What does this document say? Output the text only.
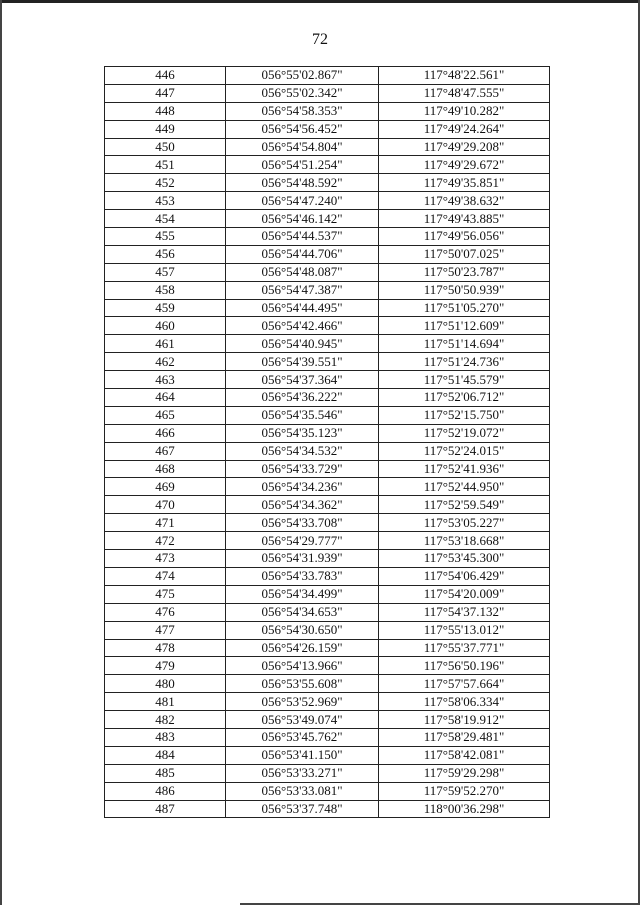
72
446	056°55'02.867"	117°48'22.561"
447	056°55'02.342"	117°48'47.555"
448	056°54'58.353"	117°49'10.282"
449	056°54'56.452"	117°49'24.264"
450	056°54'54.804"	117°49'29.208"
451	056°54'51.254"	117°49'29.672"
452	056°54'48.592"	117°49'35.851"
453	056°54'47.240"	117°49'38.632"
454	056°54'46.142"	117°49'43.885"
455	056°54'44.537"	117°49'56.056"
456	056°54'44.706"	117°50'07.025"
457	056°54'48.087"	117°50'23.787"
458	056°54'47.387"	117°50'50.939"
459	056°54'44.495"	117°51'05.270"
460	056°54'42.466"	117°51'12.609"
461	056°54'40.945"	117°51'14.694"
462	056°54'39.551"	117°51'24.736"
463	056°54'37.364"	117°51'45.579"
464	056°54'36.222"	117°52'06.712"
465	056°54'35.546"	117°52'15.750"
466	056°54'35.123"	117°52'19.072"
467	056°54'34.532"	117°52'24.015"
468	056°54'33.729"	117°52'41.936"
469	056°54'34.236"	117°52'44.950"
470	056°54'34.362"	117°52'59.549"
471	056°54'33.708"	117°53'05.227"
472	056°54'29.777"	117°53'18.668"
473	056°54'31.939"	117°53'45.300"
474	056°54'33.783"	117°54'06.429"
475	056°54'34.499"	117°54'20.009"
476	056°54'34.653"	117°54'37.132"
477	056°54'30.650"	117°55'13.012"
478	056°54'26.159"	117°55'37.771"
479	056°54'13.966"	117°56'50.196"
480	056°53'55.608"	117°57'57.664"
481	056°53'52.969"	117°58'06.334"
482	056°53'49.074"	117°58'19.912"
483	056°53'45.762"	117°58'29.481"
484	056°53'41.150"	117°58'42.081"
485	056°53'33.271"	117°59'29.298"
486	056°53'33.081"	117°59'52.270"
487	056°53'37.748"	118°00'36.298"
